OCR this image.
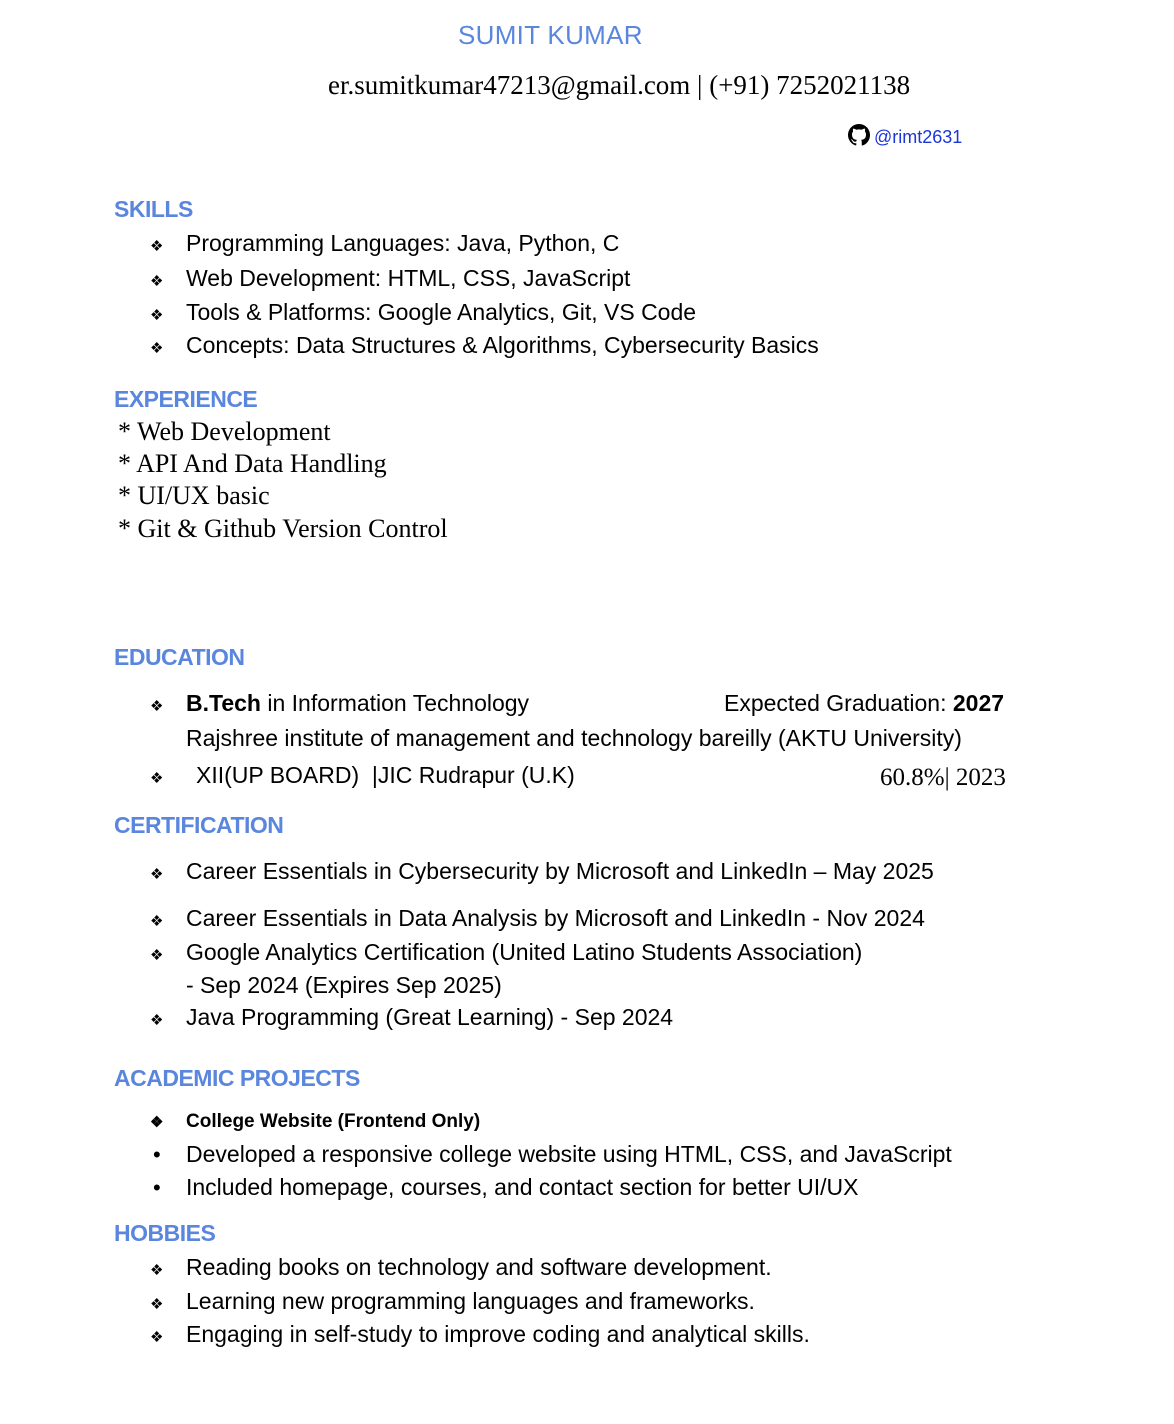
SUMIT KUMAR
er.sumitkumar47213@gmail.com | (+91) 7252021138
@rimt2631
SKILLS
❖ Programming Languages: Java, Python, C
❖ Web Development: HTML, CSS, JavaScript
❖ Tools & Platforms: Google Analytics, Git, VS Code
❖ Concepts: Data Structures & Algorithms, Cybersecurity Basics
EXPERIENCE
* Web Development
* API And Data Handling
* UI/UX basic
* Git & Github Version Control
EDUCATION
❖ B.Tech in Information Technology	Expected Graduation: 2027
Rajshree institute of management and technology bareilly (AKTU University)
❖	XII(UP BOARD)  |JIC Rudrapur (U.K)	60.8%| 2023
CERTIFICATION
❖ Career Essentials in Cybersecurity by Microsoft and LinkedIn – May 2025
❖ Career Essentials in Data Analysis by Microsoft and LinkedIn - Nov 2024
❖ Google Analytics Certification (United Latino Students Association)
- Sep 2024 (Expires Sep 2025)
❖ Java Programming (Great Learning) - Sep 2024
ACADEMIC PROJECTS
❖	College Website (Frontend Only)
•	Developed a responsive college website using HTML, CSS, and JavaScript
•	Included homepage, courses, and contact section for better UI/UX
HOBBIES
❖ Reading books on technology and software development.
❖ Learning new programming languages and frameworks.
❖ Engaging in self-study to improve coding and analytical skills.
